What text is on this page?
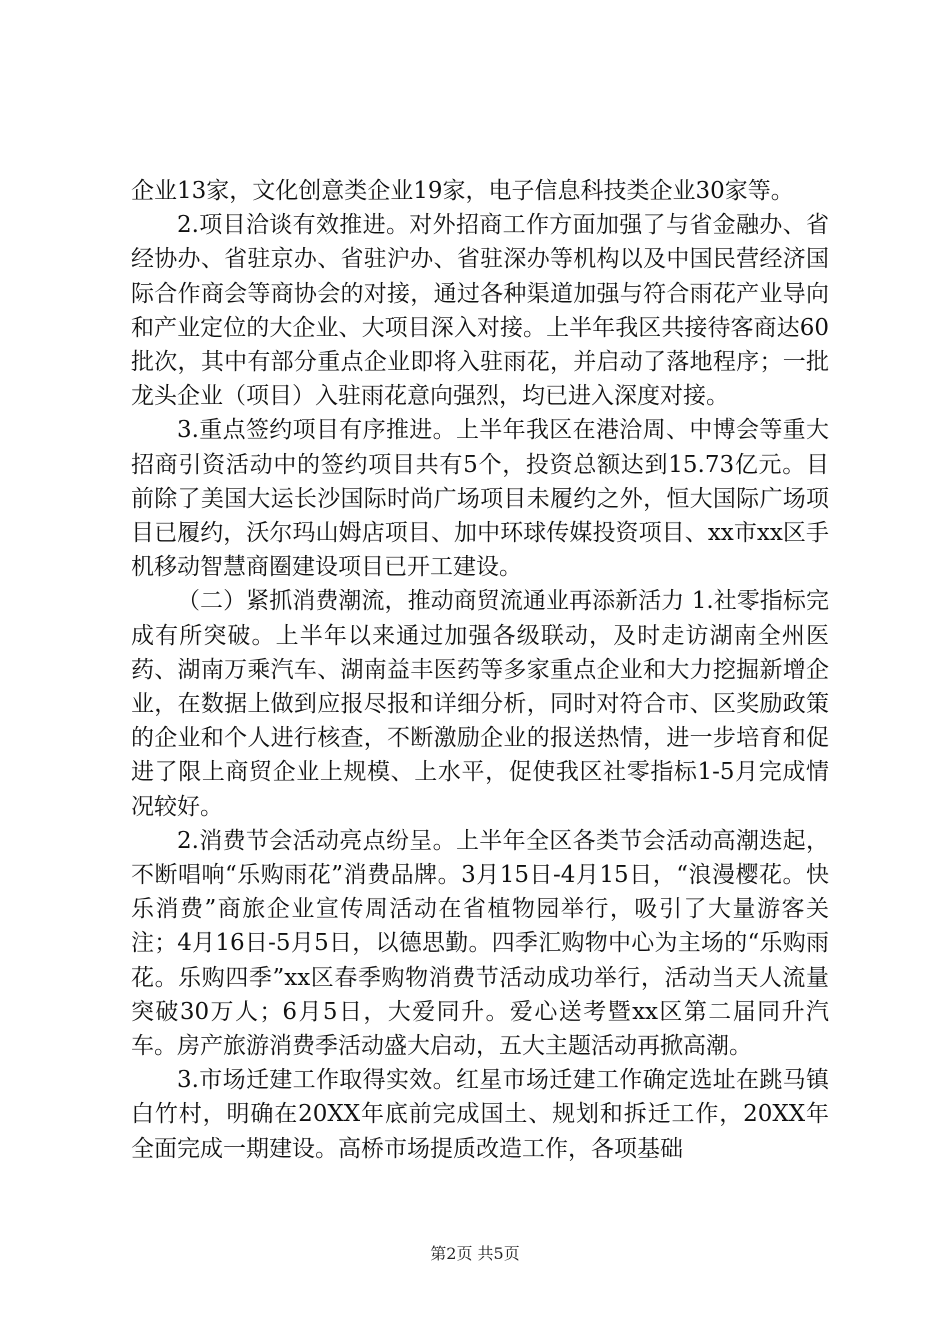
企业13家，文化创意类企业19家，电子信息科技类企业30家等。

2.项目洽谈有效推进。对外招商工作方面加强了与省金融办、省经协办、省驻京办、省驻沪办、省驻深办等机构以及中国民营经济国际合作商会等商协会的对接，通过各种渠道加强与符合雨花产业导向和产业定位的大企业、大项目深入对接。上半年我区共接待客商达60批次，其中有部分重点企业即将入驻雨花，并启动了落地程序；一批龙头企业（项目）入驻雨花意向强烈，均已进入深度对接。

3.重点签约项目有序推进。上半年我区在港洽周、中博会等重大招商引资活动中的签约项目共有5个，投资总额达到15.73亿元。目前除了美国大运长沙国际时尚广场项目未履约之外，恒大国际广场项目已履约，沃尔玛山姆店项目、加中环球传媒投资项目、xx市xx区手机移动智慧商圈建设项目已开工建设。

（二）紧抓消费潮流，推动商贸流通业再添新活力 1.社零指标完成有所突破。上半年以来通过加强各级联动，及时走访湖南全州医药、湖南万乘汽车、湖南益丰医药等多家重点企业和大力挖掘新增企业，在数据上做到应报尽报和详细分析，同时对符合市、区奖励政策的企业和个人进行核查，不断激励企业的报送热情，进一步培育和促进了限上商贸企业上规模、上水平，促使我区社零指标1-5月完成情况较好。

2.消费节会活动亮点纷呈。上半年全区各类节会活动高潮迭起，不断唱响“乐购雨花”消费品牌。3月15日-4月15日，“浪漫樱花。快乐消费”商旅企业宣传周活动在省植物园举行，吸引了大量游客关注；4月16日-5月5日，以德思勤。四季汇购物中心为主场的“乐购雨花。乐购四季”xx区春季购物消费节活动成功举行，活动当天人流量突破30万人；6月5日，大爱同升。爱心送考暨xx区第二届同升汽车。房产旅游消费季活动盛大启动，五大主题活动再掀高潮。

3.市场迁建工作取得实效。红星市场迁建工作确定选址在跳马镇白竹村，明确在20XX年底前完成国土、规划和拆迁工作，20XX年全面完成一期建设。高桥市场提质改造工作，各项基础

第2页 共5页
